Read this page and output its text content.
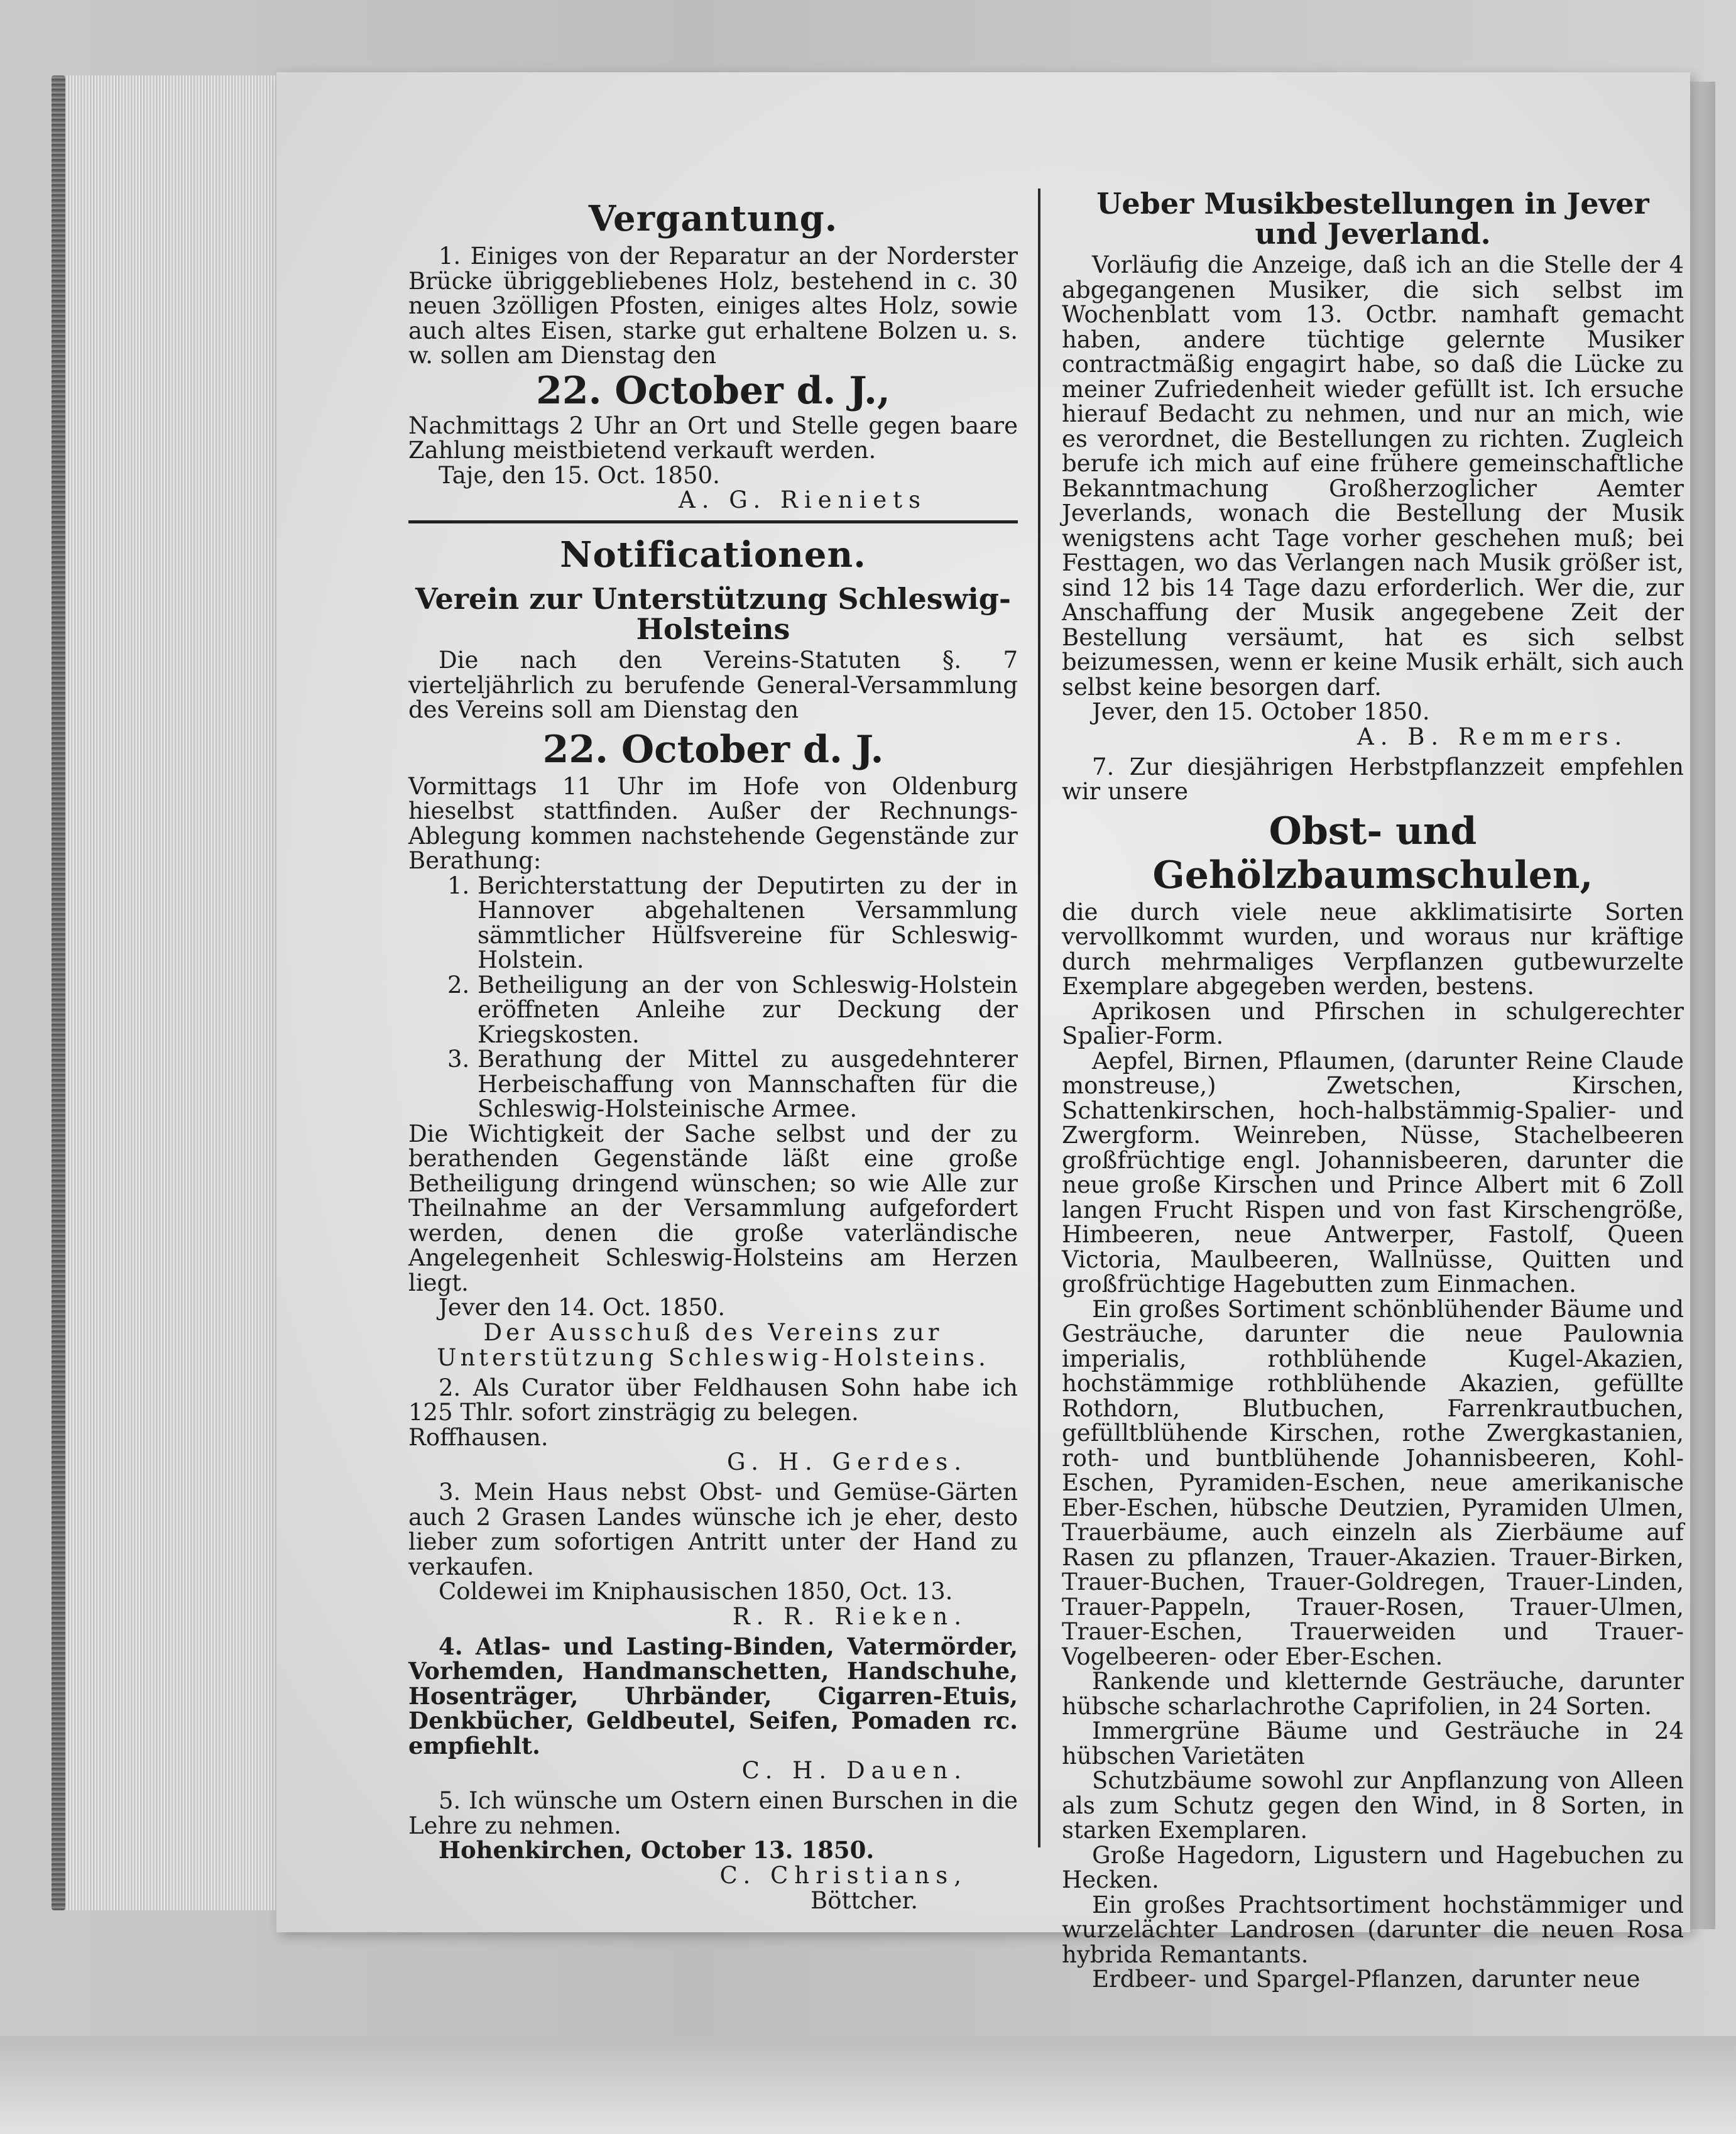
Vergantung.

1. Einiges von der Reparatur an der Norderster Brücke übriggebliebenes Holz, bestehend in c. 30 neuen 3zölligen Pfosten, einiges altes Holz, sowie auch altes Eisen, starke gut erhaltene Bolzen u. s. w. sollen am Dienstag den

22. October d. J.,

Nachmittags 2 Uhr an Ort und Stelle gegen baare Zahlung meistbietend verkauft werden.

Taje, den 15. Oct. 1850.

A. G. Rieniets

Notificationen.
Verein zur Unterstützung Schleswig-Holsteins

Die nach den Vereins-Statuten §. 7 vierteljährlich zu berufende General-Versammlung des Vereins soll am Dienstag den

22. October d. J.

Vormittags 11 Uhr im Hofe von Oldenburg hieselbst stattfinden. Außer der Rechnungs-Ablegung kommen nachstehende Gegenstände zur Berathung:

1. Berichterstattung der Deputirten zu der in Hannover abgehaltenen Versammlung sämmtlicher Hülfsvereine für Schleswig-Holstein.
2. Betheiligung an der von Schleswig-Holstein eröffneten Anleihe zur Deckung der Kriegskosten.
3. Berathung der Mittel zu ausgedehnterer Herbeischaffung von Mannschaften für die Schleswig-Holsteinische Armee.

Die Wichtigkeit der Sache selbst und der zu berathenden Gegenstände läßt eine große Betheiligung dringend wünschen; so wie Alle zur Theilnahme an der Versammlung aufgefordert werden, denen die große vaterländische Angelegenheit Schleswig-Holsteins am Herzen liegt.

Jever den 14. Oct. 1850.

Der Ausschuß des Vereins zur Unterstützung Schleswig-Holsteins.

2. Als Curator über Feldhausen Sohn habe ich 125 Thlr. sofort zinsträgig zu belegen.

Roffhausen.

G. H. Gerdes.

3. Mein Haus nebst Obst- und Gemüse-Gärten auch 2 Grasen Landes wünsche ich je eher, desto lieber zum sofortigen Antritt unter der Hand zu verkaufen.

Coldewei im Kniphausischen 1850, Oct. 13.

R. R. Rieken.

4. Atlas- und Lasting-Binden, Vatermörder, Vorhemden, Handmanschetten, Handschuhe, Hosenträger, Uhrbänder, Cigarren-Etuis, Denkbücher, Geldbeutel, Seifen, Pomaden rc. empfiehlt.

C. H. Dauen.

5. Ich wünsche um Ostern einen Burschen in die Lehre zu nehmen.

Hohenkirchen, October 13. 1850.

C. Christians,

Böttcher.

Ueber Musikbestellungen in Jever und Jeverland.

Vorläufig die Anzeige, daß ich an die Stelle der 4 abgegangenen Musiker, die sich selbst im Wochenblatt vom 13. Octbr. namhaft gemacht haben, andere tüchtige gelernte Musiker contractmäßig engagirt habe, so daß die Lücke zu meiner Zufriedenheit wieder gefüllt ist. Ich ersuche hierauf Bedacht zu nehmen, und nur an mich, wie es verordnet, die Bestellungen zu richten. Zugleich berufe ich mich auf eine frühere gemeinschaftliche Bekanntmachung Großherzoglicher Aemter Jeverlands, wonach die Bestellung der Musik wenigstens acht Tage vorher geschehen muß; bei Festtagen, wo das Verlangen nach Musik größer ist, sind 12 bis 14 Tage dazu erforderlich. Wer die, zur Anschaffung der Musik angegebene Zeit der Bestellung versäumt, hat es sich selbst beizumessen, wenn er keine Musik erhält, sich auch selbst keine besorgen darf.

Jever, den 15. October 1850.

A. B. Remmers.

7. Zur diesjährigen Herbstpflanzzeit empfehlen wir unsere

Obst- und Gehölzbaumschulen,

die durch viele neue akklimatisirte Sorten vervollkommt wurden, und woraus nur kräftige durch mehrmaliges Verpflanzen gutbewurzelte Exemplare abgegeben werden, bestens.

Aprikosen und Pfirschen in schulgerechter Spalier-Form.

Aepfel, Birnen, Pflaumen, (darunter Reine Claude monstreuse,) Zwetschen, Kirschen, Schattenkirschen, hoch-halbstämmig-Spalier- und Zwergform. Weinreben, Nüsse, Stachelbeeren großfrüchtige engl. Johannisbeeren, darunter die neue große Kirschen und Prince Albert mit 6 Zoll langen Frucht Rispen und von fast Kirschengröße, Himbeeren, neue Antwerper, Fastolf, Queen Victoria, Maulbeeren, Wallnüsse, Quitten und großfrüchtige Hagebutten zum Einmachen.

Ein großes Sortiment schönblühender Bäume und Gesträuche, darunter die neue Paulownia imperialis, rothblühende Kugel-Akazien, hochstämmige rothblühende Akazien, gefüllte Rothdorn, Blutbuchen, Farrenkrautbuchen, gefülltblühende Kirschen, rothe Zwergkastanien, roth- und buntblühende Johannisbeeren, Kohl-Eschen, Pyramiden-Eschen, neue amerikanische Eber-Eschen, hübsche Deutzien, Pyramiden Ulmen, Trauerbäume, auch einzeln als Zierbäume auf Rasen zu pflanzen, Trauer-Akazien. Trauer-Birken, Trauer-Buchen, Trauer-Goldregen, Trauer-Linden, Trauer-Pappeln, Trauer-Rosen, Trauer-Ulmen, Trauer-Eschen, Trauerweiden und Trauer-Vogelbeeren- oder Eber-Eschen.

Rankende und kletternde Gesträuche, darunter hübsche scharlachrothe Caprifolien, in 24 Sorten.

Immergrüne Bäume und Gesträuche in 24 hübschen Varietäten

Schutzbäume sowohl zur Anpflanzung von Alleen als zum Schutz gegen den Wind, in 8 Sorten, in starken Exemplaren.

Große Hagedorn, Ligustern und Hagebuchen zu Hecken.

Ein großes Prachtsortiment hochstämmiger und wurzelächter Landrosen (darunter die neuen Rosa hybrida Remantants.

Erdbeer- und Spargel-Pflanzen, darunter neue
